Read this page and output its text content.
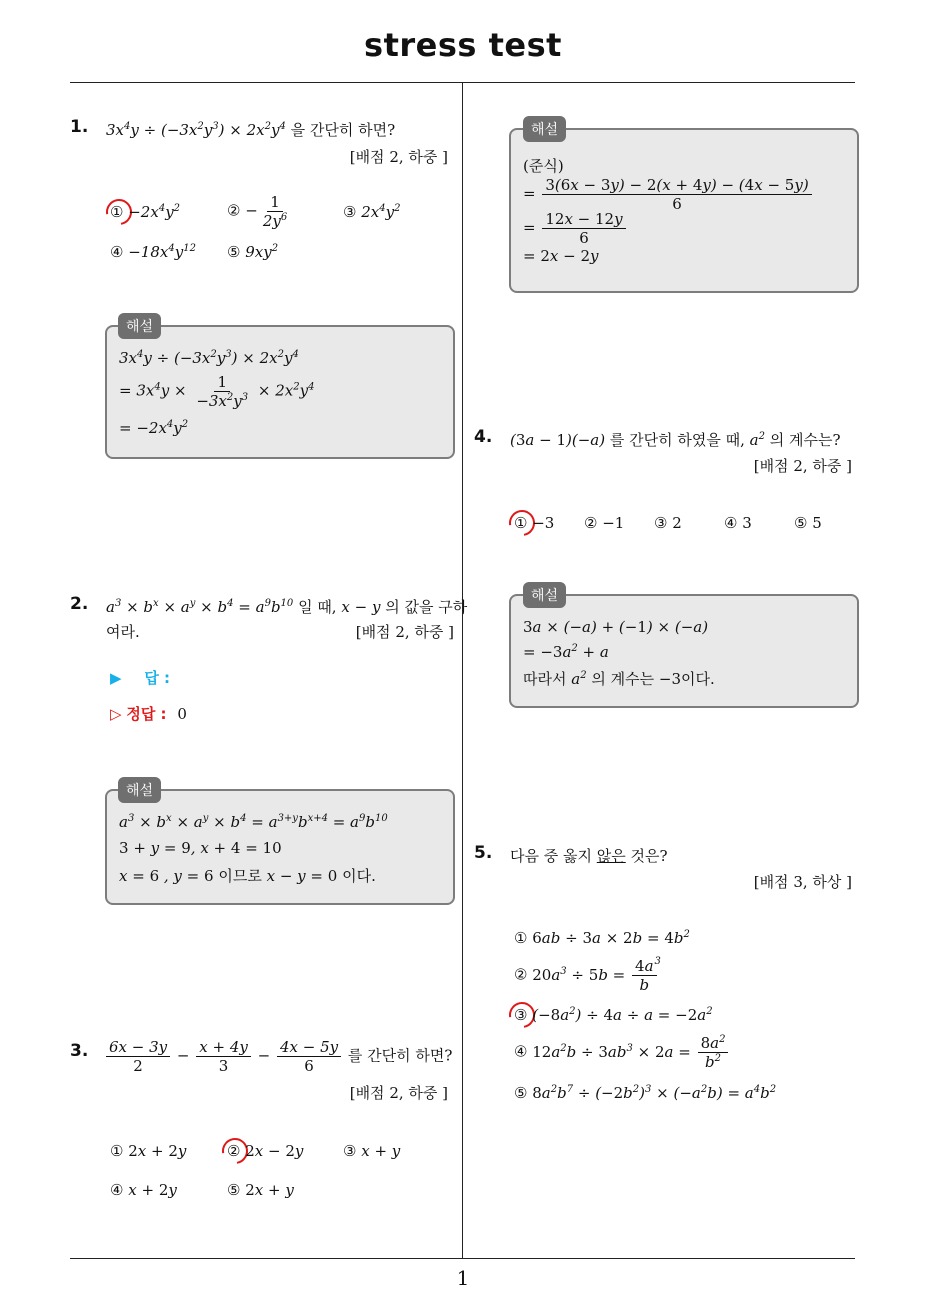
stress test
1
1. $3x^4y \div (-3x^2y^3) \times 2x^2y^4$ 을 간단히 하면?
[배점 2, 하중 ]
① $-2x^4y^2$	② − $\frac{1}{2y^6}$	③ $2x^4y^2$
④ $-18x^4y^{12}$ ⑤ $9xy^2$
$3x^4y \div (-3x^2y^3) \times 2x^2y^4$
= $3x^4y \times \frac{1}{-3x^2y^3} \times 2x^2y^4$
= $-2x^4y^2$
해설
2. $a^3 \times b^x \times a^y \times b^4 = a^9b^{10}$ 일 때, x − y 의 값을 구하
여라.	[배점 2, 하중 ]
▶ 답 :
▷ 정답 : 0
$a^3 \times b^x \times a^y \times b^4 = a^{3+y}b^{x+4} = a^9b^{10}$
3 + y = 9, x + 4 = 10
x = 6 , y = 6 이므로 x − y = 0 이다.
해설
3. $\frac{6x - 3y}{2} - \frac{x + 4y}{3} - \frac{4x - 5y}{6}$ 를 간단히 하면?
[배점 2, 하중 ]
① 2x + 2y	② 2x − 2y	③ x + y
④ x + 2y	⑤ 2x + y
(준식)
= $\frac{3(6x - 3y) - 2(x + 4y) - (4x - 5y)}{6}$
= $\frac{12x - 12y}{6}$
= 2x − 2y
해설
4. (3a − 1)(−a) 를 간단히 하였을 때, $a^2$ 의 계수는?
[배점 2, 하중 ]
① −3 ② −1 ③ 2	④ 3	⑤ 5
3a × (−a) + (−1) × (−a)
= $-3a^2 + a$
따라서 $a^2$ 의 계수는 −3이다.
해설
5. 다음 중 옳지 않은 것은?
[배점 3, 하상 ]
① $6ab \div 3a \times 2b = 4b^2$
② $20a^3 \div 5b = \frac{4a}{b}$
$^3$
③ $(-8a^2) \div 4a \div a = -2a^2$
④ $12a^2b \div 3ab^3 \times 2a = \frac{8a^2}{b^2}$
⑤ $8a^2b^7 \div (-2b^2)^3 \times (-a^2b) = a^4b^2$
